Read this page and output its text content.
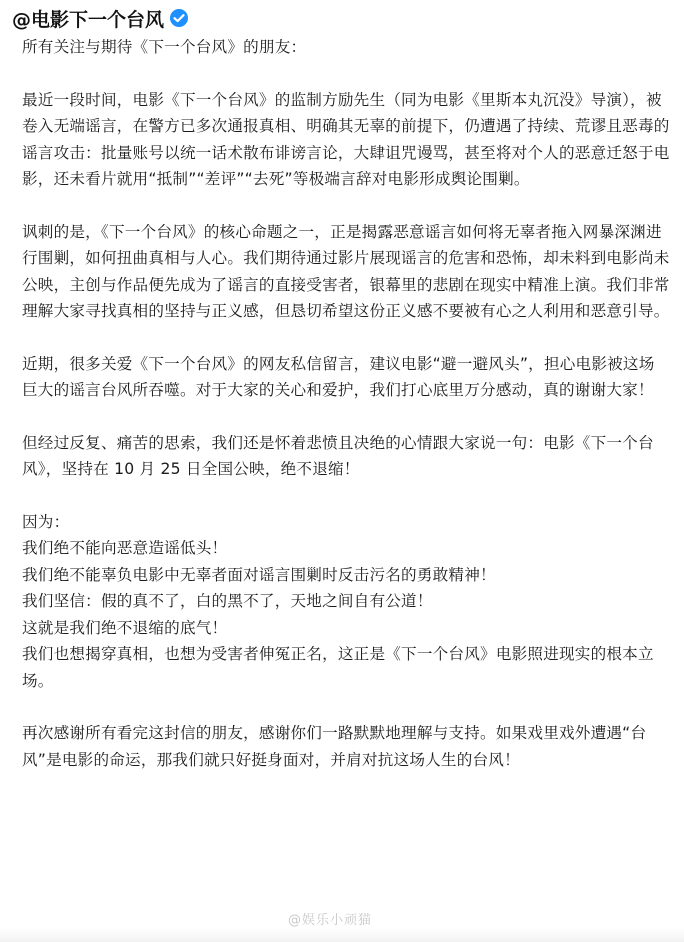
@电影下一个台风

所有关注与期待《下一个台风》的朋友：

最近一段时间，电影《下一个台风》的监制方励先生（同为电影《里斯本丸沉没》导演），被卷入无端谣言，在警方已多次通报真相、明确其无辜的前提下，仍遭遇了持续、荒谬且恶毒的谣言攻击：批量账号以统一话术散布诽谤言论，大肆诅咒谩骂，甚至将对个人的恶意迁怒于电影，还未看片就用“抵制”“差评”“去死”等极端言辞对电影形成舆论围剿。

讽刺的是，《下一个台风》的核心命题之一，正是揭露恶意谣言如何将无辜者拖入网暴深渊进行围剿，如何扭曲真相与人心。我们期待通过影片展现谣言的危害和恐怖，却未料到电影尚未公映，主创与作品便先成为了谣言的直接受害者，银幕里的悲剧在现实中精准上演。我们非常理解大家寻找真相的坚持与正义感，但恳切希望这份正义感不要被有心之人利用和恶意引导。

近期，很多关爱《下一个台风》的网友私信留言，建议电影“避一避风头”，担心电影被这场巨大的谣言台风所吞噬。对于大家的关心和爱护，我们打心底里万分感动，真的谢谢大家！

但经过反复、痛苦的思索，我们还是怀着悲愤且决绝的心情跟大家说一句：电影《下一个台风》，坚持在 10 月 25 日全国公映，绝不退缩！

因为：
我们绝不能向恶意造谣低头！
我们绝不能辜负电影中无辜者面对谣言围剿时反击污名的勇敢精神！
我们坚信：假的真不了，白的黑不了，天地之间自有公道！
这就是我们绝不退缩的底气！
我们也想揭穿真相，也想为受害者伸冤正名，这正是《下一个台风》电影照进现实的根本立场。

再次感谢所有看完这封信的朋友，感谢你们一路默默地理解与支持。如果戏里戏外遭遇“台风”是电影的命运，那我们就只好挺身面对，并肩对抗这场人生的台风！

@娱乐小顽猫
